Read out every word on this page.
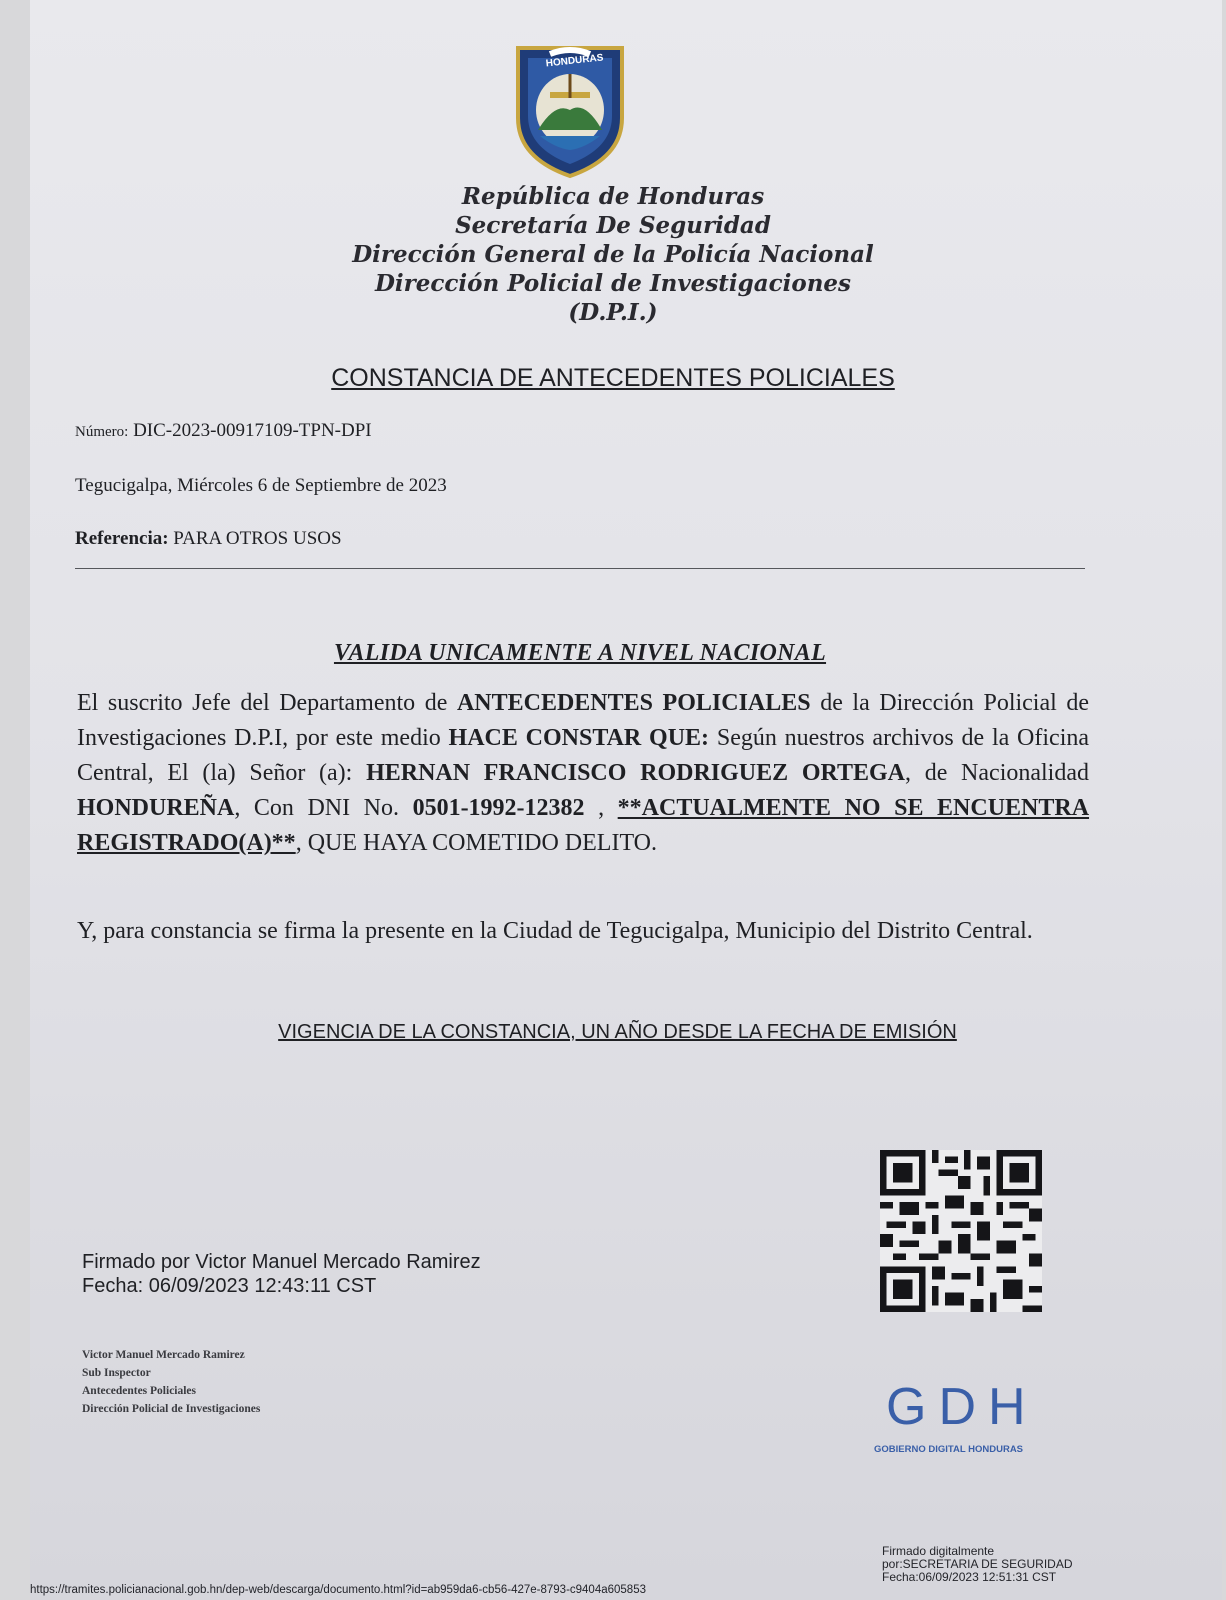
HONDURAS
República de Honduras
Secretaría De Seguridad
Dirección General de la Policía Nacional
Dirección Policial de Investigaciones
(D.P.I.)
CONSTANCIA DE ANTECEDENTES POLICIALES
Número: DIC-2023-00917109-TPN-DPI
Tegucigalpa, Miércoles 6 de Septiembre de 2023
Referencia: PARA OTROS USOS
VALIDA UNICAMENTE A NIVEL NACIONAL
El suscrito Jefe del Departamento de ANTECEDENTES POLICIALES de la Dirección Policial de Investigaciones D.P.I, por este medio HACE CONSTAR QUE: Según nuestros archivos de la Oficina Central, El (la) Señor (a): HERNAN FRANCISCO RODRIGUEZ ORTEGA, de Nacionalidad HONDUREÑA, Con DNI No. 0501-1992-12382 , **ACTUALMENTE NO SE ENCUENTRA REGISTRADO(A)**, QUE HAYA COMETIDO DELITO.
Y, para constancia se firma la presente en la Ciudad de Tegucigalpa, Municipio del Distrito Central.
VIGENCIA DE LA CONSTANCIA, UN AÑO DESDE LA FECHA DE EMISIÓN
Firmado por Victor Manuel Mercado Ramirez
Fecha: 06/09/2023 12:43:11 CST
Victor Manuel Mercado Ramirez
Sub Inspector
Antecedentes Policiales
Dirección Policial de Investigaciones	GDH
GOBIERNO DIGITAL HONDURAS
Firmado digitalmente
por:SECRETARIA DE SEGURIDAD
Fecha:06/09/2023 12:51:31 CST
https://tramites.policianacional.gob.hn/dep-web/descarga/documento.html?id=ab959da6-cb56-427e-8793-c9404a605853
